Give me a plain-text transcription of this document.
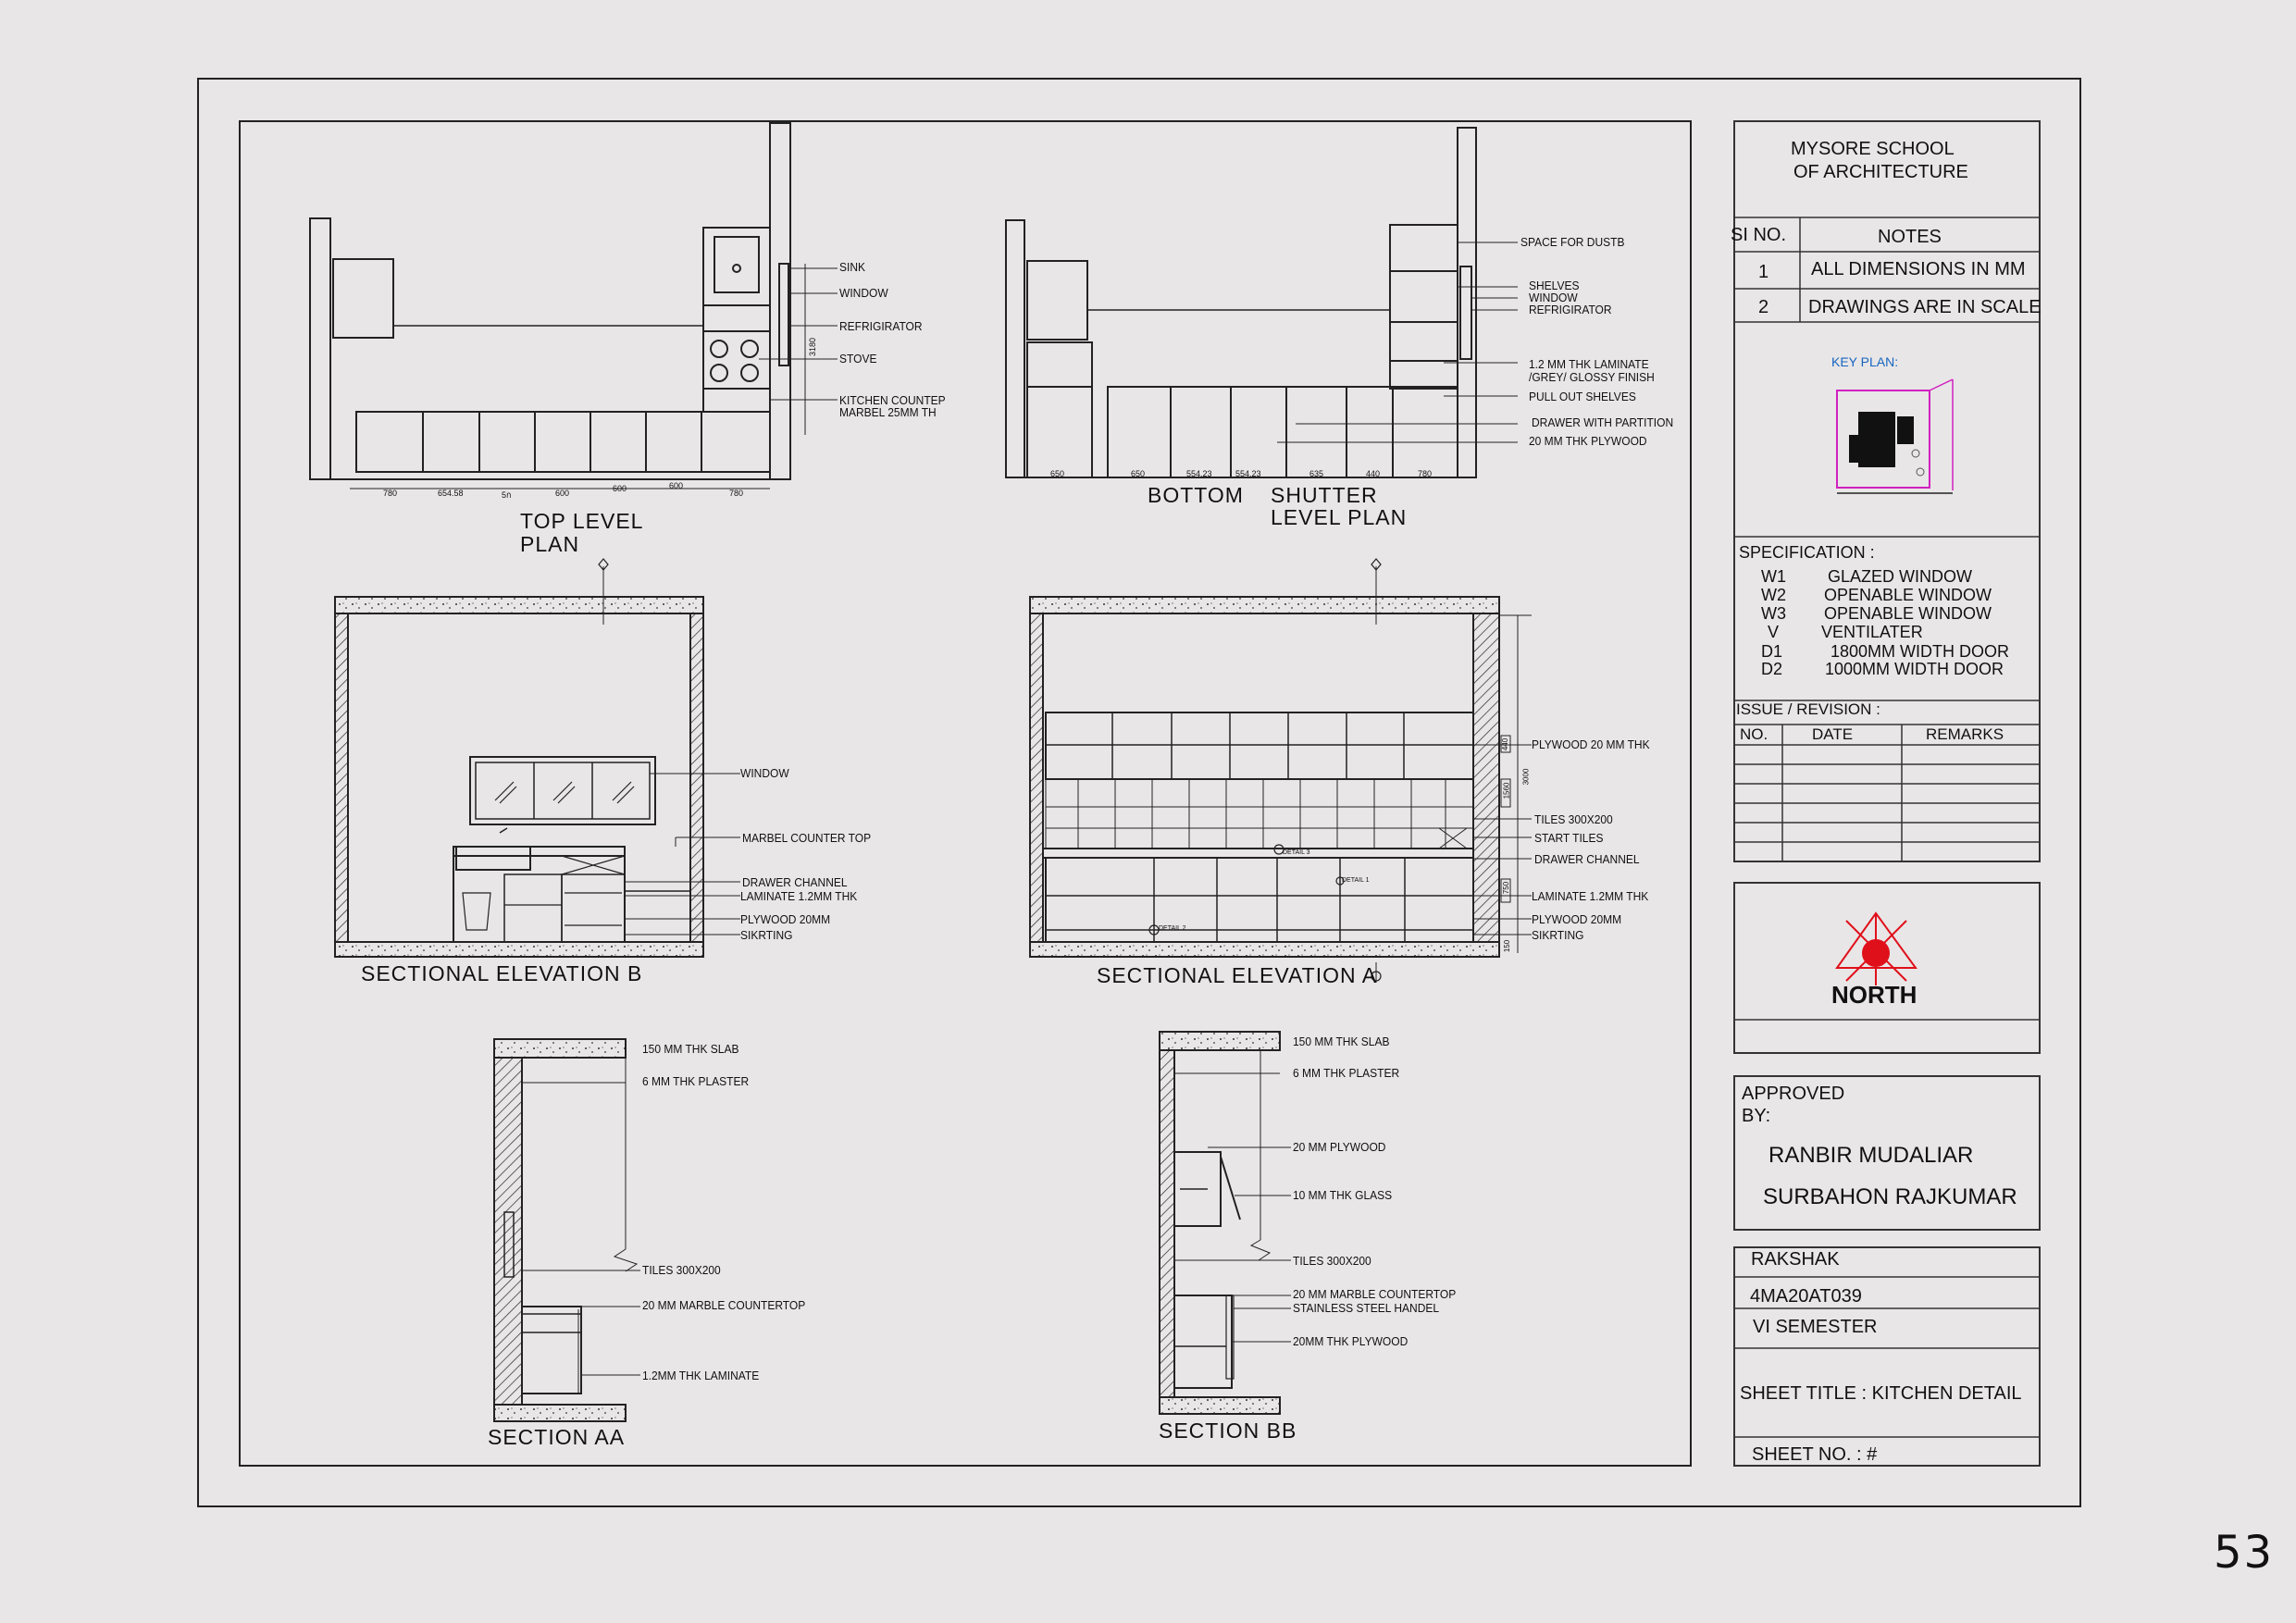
MYSORE SCHOOL
OF ARCHITECTURE
SI NO.	NOTES
1 ALL DIMENSIONS IN MM
2 DRAWINGS ARE IN SCALE
KEY PLAN:
SPECIFICATION :
W1	GLAZED WINDOW
W2 OPENABLE WINDOW
W3 OPENABLE WINDOW
V	VENTILATER
D1	1800MM WIDTH DOOR
D2	1000MM WIDTH DOOR
ISSUE / REVISION :
NO.	DATE	REMARKS
NORTH
APPROVED BY:
RANBIR MUDALIAR
SURBAHON RAJKUMAR
RAKSHAK
4MA20AT039
VI SEMESTER
SHEET TITLE : KITCHEN DETAIL
SHEET NO. : #
53
TOP LEVEL
PLAN
BOTTOM SHUTTER
LEVEL PLAN
SECTIONAL ELEVATION B	SECTIONAL ELEVATION A
SECTION AA	SECTION BB
SINK
WINDOW
REFRIGIRATOR
STOVE
KITCHEN COUNTEP
MARBEL 25MM TH
780	654.58	5ก	600	600	600
780
3180
SPACE FOR DUSTB
SHELVES
WINDOW
REFRIGIRATOR
1.2 MM THK LAMINATE
/GREY/ GLOSSY FINISH
PULL OUT SHELVES
DRAWER WITH PARTITION
20 MM THK PLYWOOD
650	650	554.23	554.23	635	440	780
WINDOW
MARBEL COUNTER TOP
DRAWER CHANNEL
LAMINATE 1.2MM THK
PLYWOOD 20MM
SIKRTING
PLYWOOD 20 MM THK
TILES 300X200
START TILES
DRAWER CHANNEL
LAMINATE 1.2MM THK
PLYWOOD 20MM
SIKRTING
440
3000
1560
750
150
DETAIL 1
DETAIL 2
DETAIL 3
150 MM THK SLAB
6 MM THK PLASTER
TILES 300X200
20 MM MARBLE COUNTERTOP
1.2MM THK LAMINATE
150 MM THK SLAB
6 MM THK PLASTER
20 MM PLYWOOD
10 MM THK GLASS
TILES 300X200
20 MM MARBLE COUNTERTOP
STAINLESS STEEL HANDEL
20MM THK PLYWOOD
